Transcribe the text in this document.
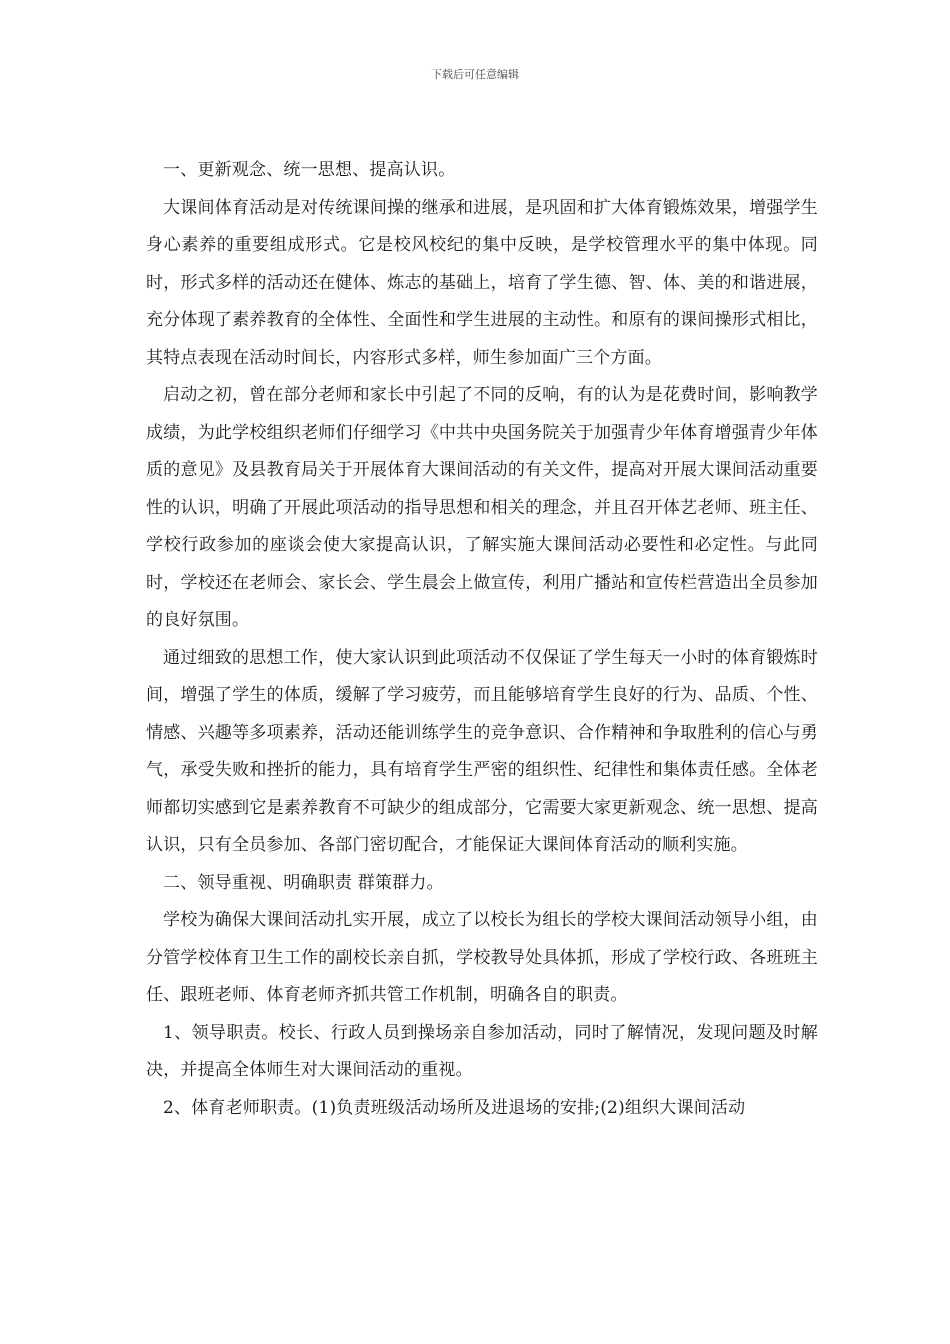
下载后可任意编辑

一、更新观念、统一思想、提高认识。

大课间体育活动是对传统课间操的继承和进展，是巩固和扩大体育锻炼效果，增强学生身心素养的重要组成形式。它是校风校纪的集中反映，是学校管理水平的集中体现。同时，形式多样的活动还在健体、炼志的基础上，培育了学生德、智、体、美的和谐进展，充分体现了素养教育的全体性、全面性和学生进展的主动性。和原有的课间操形式相比，其特点表现在活动时间长，内容形式多样，师生参加面广三个方面。

启动之初，曾在部分老师和家长中引起了不同的反响，有的认为是花费时间，影响教学成绩，为此学校组织老师们仔细学习《中共中央国务院关于加强青少年体育增强青少年体质的意见》及县教育局关于开展体育大课间活动的有关文件，提高对开展大课间活动重要性的认识，明确了开展此项活动的指导思想和相关的理念，并且召开体艺老师、班主任、学校行政参加的座谈会使大家提高认识，了解实施大课间活动必要性和必定性。与此同时，学校还在老师会、家长会、学生晨会上做宣传，利用广播站和宣传栏营造出全员参加的良好氛围。

通过细致的思想工作，使大家认识到此项活动不仅保证了学生每天一小时的体育锻炼时间，增强了学生的体质，缓解了学习疲劳，而且能够培育学生良好的行为、品质、个性、情感、兴趣等多项素养，活动还能训练学生的竞争意识、合作精神和争取胜利的信心与勇气，承受失败和挫折的能力，具有培育学生严密的组织性、纪律性和集体责任感。全体老师都切实感到它是素养教育不可缺少的组成部分，它需要大家更新观念、统一思想、提高认识，只有全员参加、各部门密切配合，才能保证大课间体育活动的顺利实施。

二、领导重视、明确职责 群策群力。

学校为确保大课间活动扎实开展，成立了以校长为组长的学校大课间活动领导小组，由分管学校体育卫生工作的副校长亲自抓，学校教导处具体抓，形成了学校行政、各班班主任、跟班老师、体育老师齐抓共管工作机制，明确各自的职责。

1、领导职责。校长、行政人员到操场亲自参加活动，同时了解情况，发现问题及时解决，并提高全体师生对大课间活动的重视。

2、体育老师职责。(1)负责班级活动场所及进退场的安排;(2)组织大课间活动
